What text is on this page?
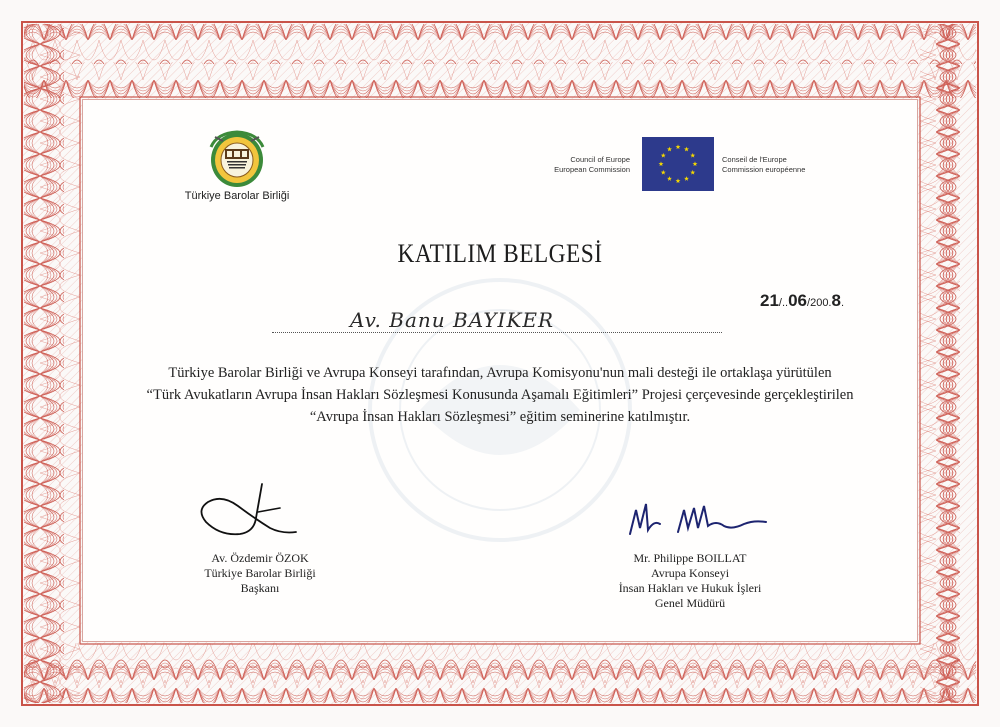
Türkiye Barolar Birliği
Council of Europe
European Commission
Conseil de l'Europe
Commission européenne
KATILIM BELGESİ
21/..06/200.8.
Av. Banu BAYIKER
Türkiye Barolar Birliği ve Avrupa Konseyi tarafından, Avrupa Komisyonu'nun mali desteği ile ortaklaşa yürütülen
“Türk Avukatların Avrupa İnsan Hakları Sözleşmesi Konusunda Aşamalı Eğitimleri” Projesi çerçevesinde gerçekleştirilen
“Avrupa İnsan Hakları Sözleşmesi” eğitim seminerine katılmıştır.
Av. Özdemir ÖZOK
Türkiye Barolar Birliği
Başkanı
Mr. Philippe BOILLAT
Avrupa Konseyi
İnsan Hakları ve Hukuk İşleri
Genel Müdürü
